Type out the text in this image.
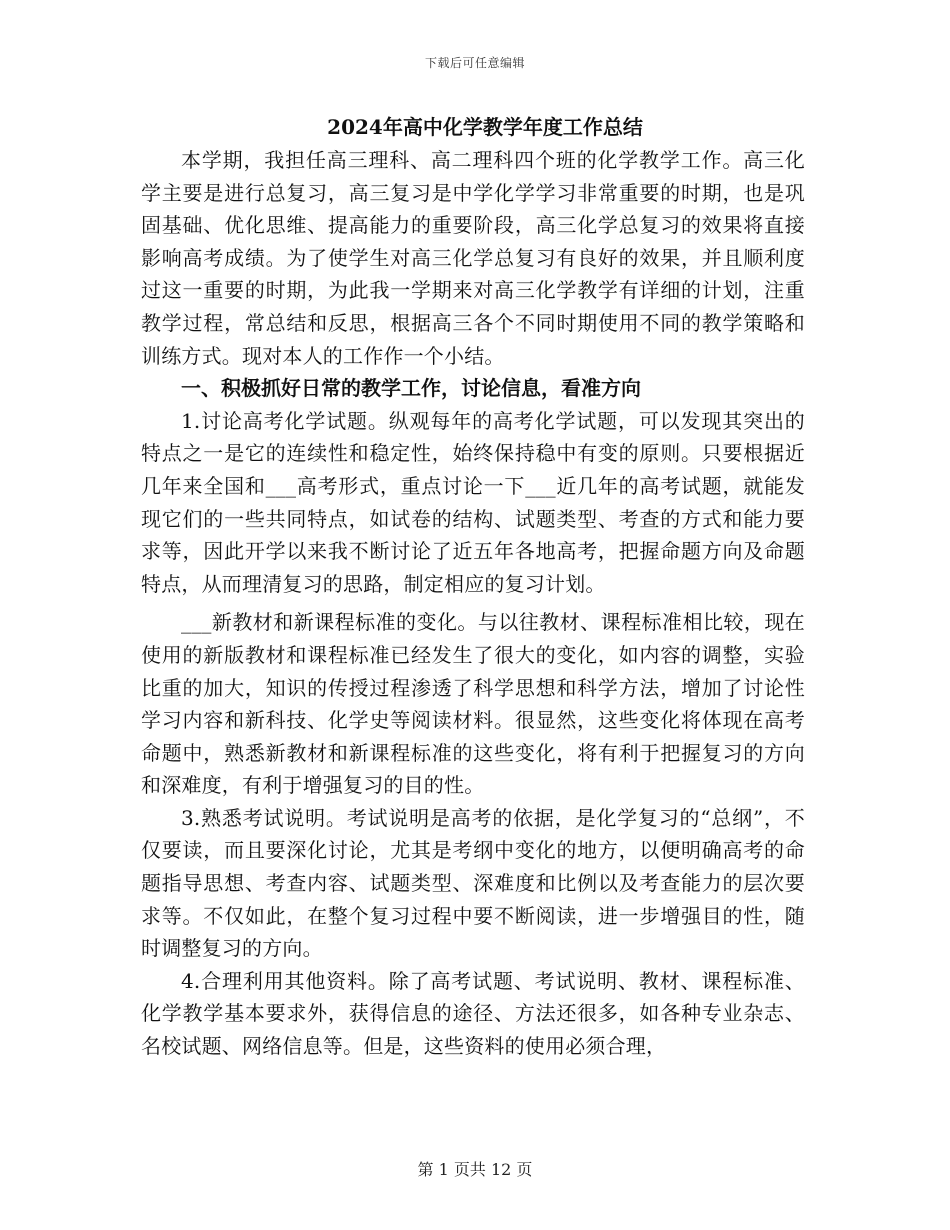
下载后可任意编辑
2024年高中化学教学年度工作总结

本学期，我担任高三理科、高二理科四个班的化学教学工作。高三化学主要是进行总复习，高三复习是中学化学学习非常重要的时期，也是巩固基础、优化思维、提高能力的重要阶段，高三化学总复习的效果将直接影响高考成绩。为了使学生对高三化学总复习有良好的效果，并且顺利度过这一重要的时期，为此我一学期来对高三化学教学有详细的计划，注重教学过程，常总结和反思，根据高三各个不同时期使用不同的教学策略和训练方式。现对本人的工作作一个小结。

一、积极抓好日常的教学工作，讨论信息，看准方向

1.讨论高考化学试题。纵观每年的高考化学试题，可以发现其突出的特点之一是它的连续性和稳定性，始终保持稳中有变的原则。只要根据近几年来全国和___高考形式，重点讨论一下___近几年的高考试题，就能发现它们的一些共同特点，如试卷的结构、试题类型、考查的方式和能力要求等，因此开学以来我不断讨论了近五年各地高考，把握命题方向及命题特点，从而理清复习的思路，制定相应的复习计划。

___新教材和新课程标准的变化。与以往教材、课程标准相比较，现在使用的新版教材和课程标准已经发生了很大的变化，如内容的调整，实验比重的加大，知识的传授过程渗透了科学思想和科学方法，增加了讨论性学习内容和新科技、化学史等阅读材料。很显然，这些变化将体现在高考命题中，熟悉新教材和新课程标准的这些变化，将有利于把握复习的方向和深难度，有利于增强复习的目的性。

3.熟悉考试说明。考试说明是高考的依据，是化学复习的“总纲”，不仅要读，而且要深化讨论，尤其是考纲中变化的地方，以便明确高考的命题指导思想、考查内容、试题类型、深难度和比例以及考查能力的层次要求等。不仅如此，在整个复习过程中要不断阅读，进一步增强目的性，随时调整复习的方向。

4.合理利用其他资料。除了高考试题、考试说明、教材、课程标准、化学教学基本要求外，获得信息的途径、方法还很多，如各种专业杂志、名校试题、网络信息等。但是，这些资料的使用必须合理，

第 1 页共 12 页
